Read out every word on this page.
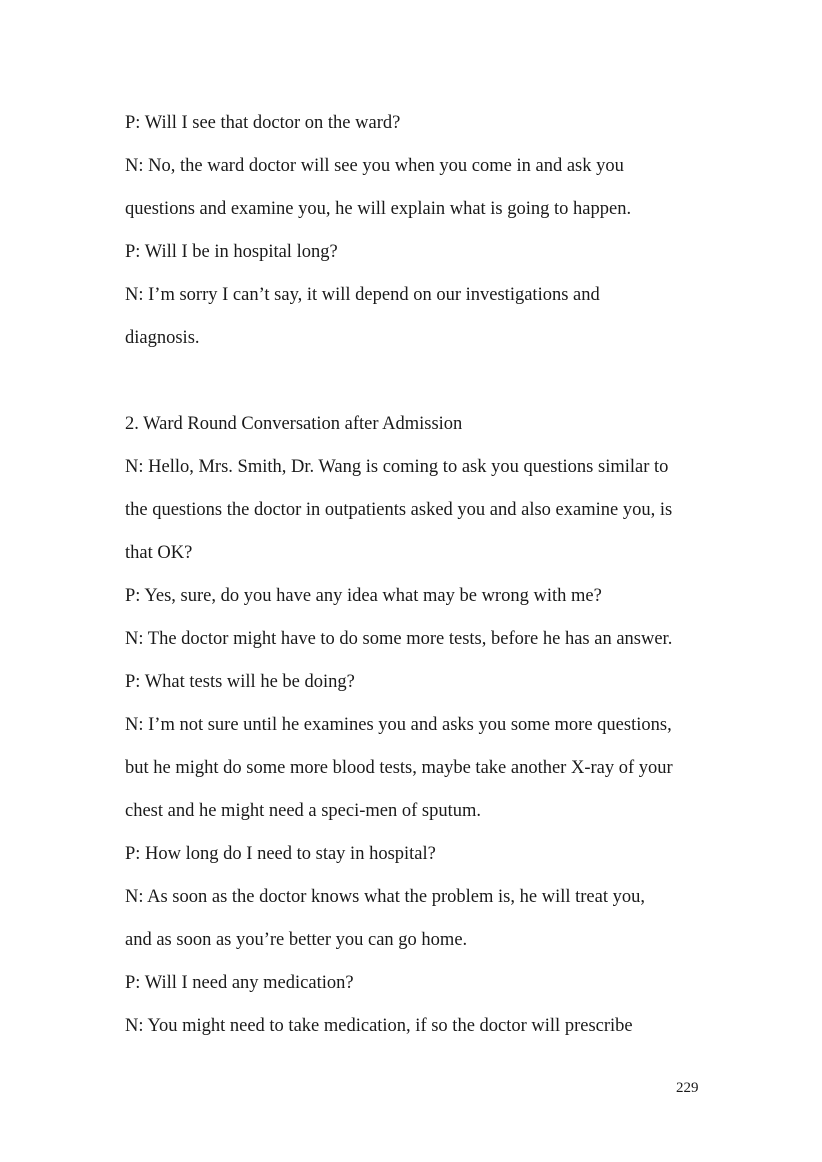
P: Will I see that doctor on the ward?
N: No, the ward doctor will see you when you come in and ask you
questions and examine you, he will explain what is going to happen.
P: Will I be in hospital long?
N: I’m sorry I can’t say, it will depend on our investigations and
diagnosis.
2. Ward Round Conversation after Admission
N: Hello, Mrs. Smith, Dr. Wang is coming to ask you questions similar to
the questions the doctor in outpatients asked you and also examine you, is
that OK?
P: Yes, sure, do you have any idea what may be wrong with me?
N: The doctor might have to do some more tests, before he has an answer.
P: What tests will he be doing?
N: I’m not sure until he examines you and asks you some more questions,
but he might do some more blood tests, maybe take another X-ray of your
chest and he might need a speci-men of sputum.
P: How long do I need to stay in hospital?
N: As soon as the doctor knows what the problem is, he will treat you,
and as soon as you’re better you can go home.
P: Will I need any medication?
N: You might need to take medication, if so the doctor will prescribe
229
